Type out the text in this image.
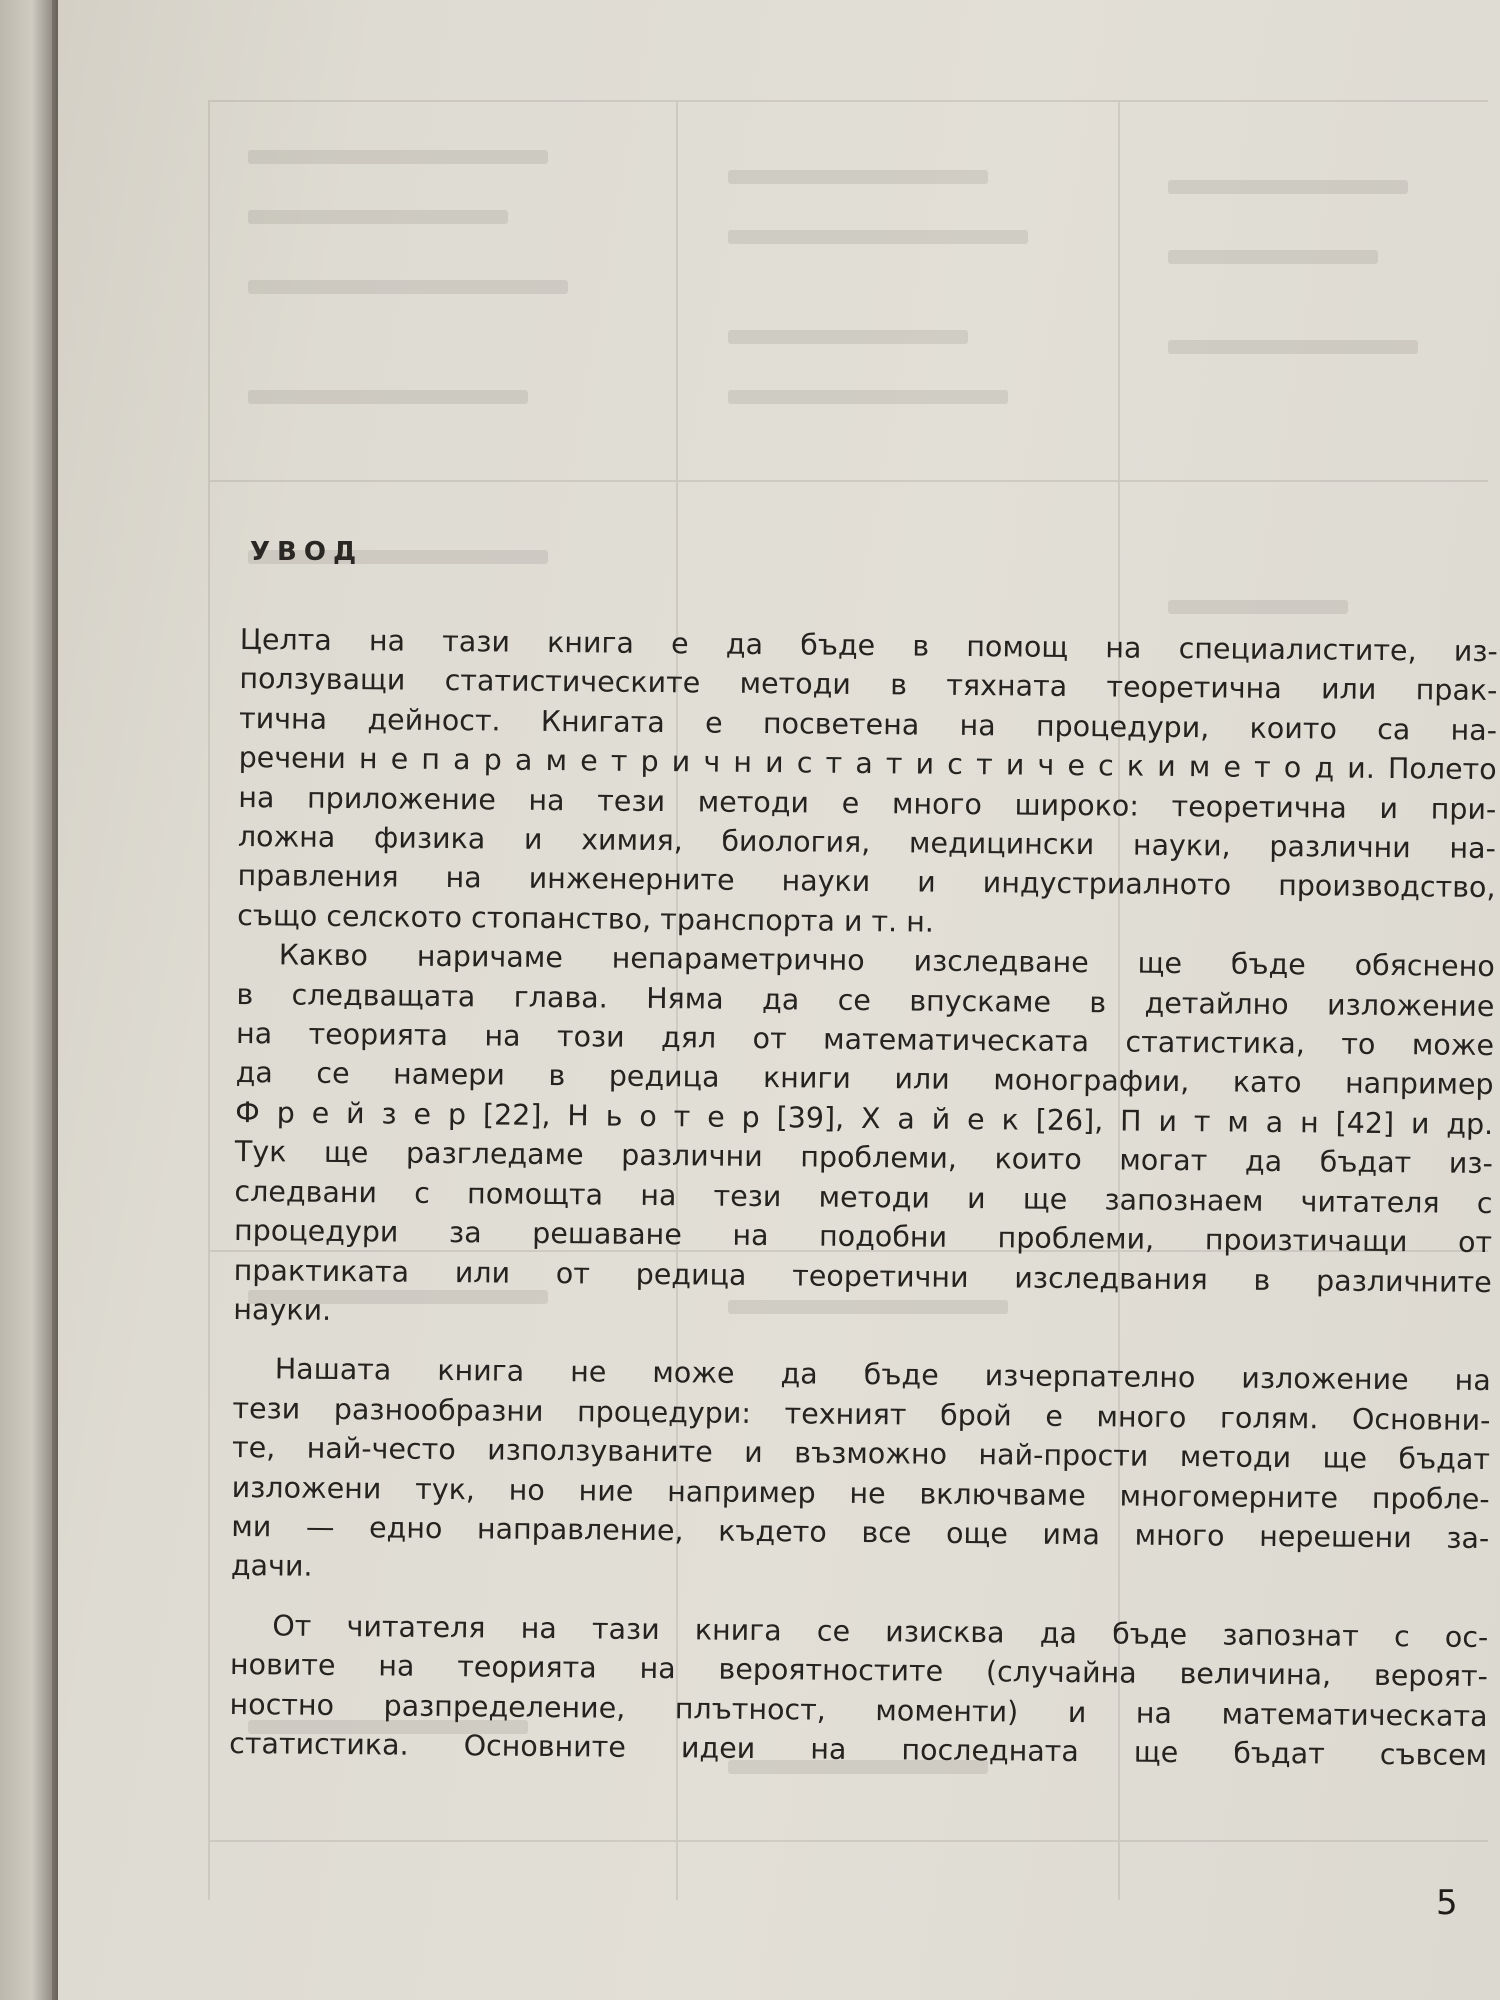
УВОД
Целта на тази книга е да бъде в помощ на специалистите, из-
ползуващи статистическите методи в тяхната теоретична или прак-
тична дейност. Книгата е посветена на процедури, които са на-
речени н е п а р а м е т р и ч н и с т а т и с т и ч е с к и м е т о д и. Полето
на приложение на тези методи е много широко: теоретична и при-
ложна физика и химия, биология, медицински науки, различни на-
правления на инженерните науки и индустриалното производство,
също селското стопанство, транспорта и т. н.
Какво наричаме непараметрично изследване ще бъде обяснено
в следващата глава. Няма да се впускаме в детайлно изложение
на теорията на този дял от математическата статистика, то може
да се намери в редица книги или монографии, като например
Ф р е й з е р [22], Н ь о т е р [39], Х а й е к [26], П и т м а н [42] и др.
Тук ще разгледаме различни проблеми, които могат да бъдат из-
следвани с помощта на тези методи и ще запознаем читателя с
процедури за решаване на подобни проблеми, произтичащи от
практиката или от редица теоретични изследвания в различните
науки.
Нашата книга не може да бъде изчерпателно изложение на
тези разнообразни процедури: техният брой е много голям. Основни-
те, най-често използуваните и възможно най-прости методи ще бъдат
изложени тук, но ние например не включваме многомерните пробле-
ми — едно направление, където все още има много нерешени за-
дачи.
От читателя на тази книга се изисква да бъде запознат с ос-
новите на теорията на вероятностите (случайна величина, вероят-
ностно разпределение, плътност, моменти) и на математическата
статистика. Основните идеи на последната ще бъдат съвсем
5
